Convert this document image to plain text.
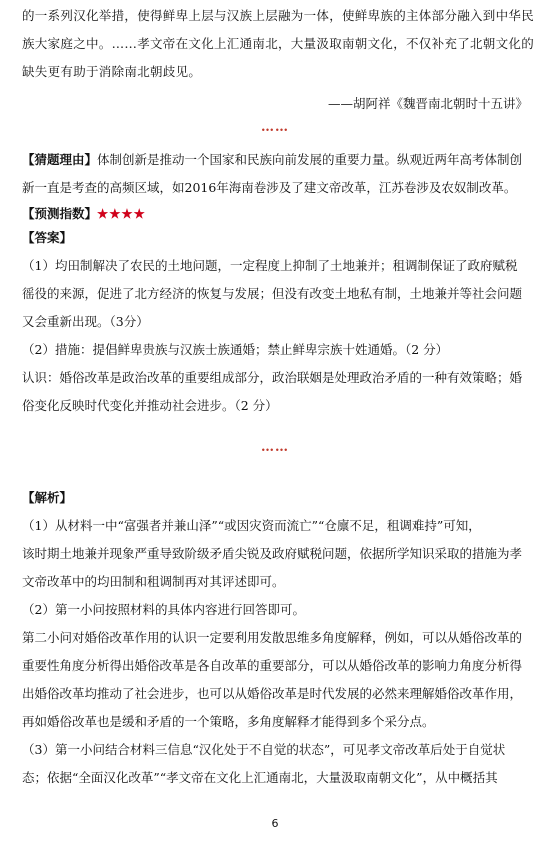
的一系列汉化举措，使得鲜卑上层与汉族上层融为一体，使鲜卑族的主体部分融入到中华民
族大家庭之中。……孝文帝在文化上汇通南北，大量汲取南朝文化，不仅补充了北朝文化的
缺失更有助于消除南北朝歧见。
——胡阿祥《魏晋南北朝时十五讲》
……
【猜题理由】体制创新是推动一个国家和民族向前发展的重要力量。纵观近两年高考体制创
新一直是考查的高频区域，如2016年海南卷涉及了建文帝改革，江苏卷涉及农奴制改革。
【预测指数】★★★★
【答案】
（1）均田制解决了农民的土地问题，一定程度上抑制了土地兼并；租调制保证了政府赋税
徭役的来源，促进了北方经济的恢复与发展；但没有改变土地私有制，土地兼并等社会问题
又会重新出现。（3分）
（2）措施：提倡鲜卑贵族与汉族士族通婚；禁止鲜卑宗族十姓通婚。（2 分）
认识：婚俗改革是政治改革的重要组成部分，政治联姻是处理政治矛盾的一种有效策略；婚
俗变化反映时代变化并推动社会进步。（2 分）
……
【解析】
（1）从材料一中“富强者并兼山泽”“或因灾资而流亡”“仓廪不足，租调难持”可知，
该时期土地兼并现象严重导致阶级矛盾尖锐及政府赋税问题，依据所学知识采取的措施为孝
文帝改革中的均田制和租调制再对其评述即可。
（2）第一小问按照材料的具体内容进行回答即可。
第二小问对婚俗改革作用的认识一定要利用发散思维多角度解释，例如，可以从婚俗改革的
重要性角度分析得出婚俗改革是各自改革的重要部分，可以从婚俗改革的影响力角度分析得
出婚俗改革均推动了社会进步，也可以从婚俗改革是时代发展的必然来理解婚俗改革作用，
再如婚俗改革也是缓和矛盾的一个策略，多角度解释才能得到多个采分点。
（3）第一小问结合材料三信息“汉化处于不自觉的状态”，可见孝文帝改革后处于自觉状
态；依据“全面汉化改革”“孝文帝在文化上汇通南北，大量汲取南朝文化”，从中概括其
6
